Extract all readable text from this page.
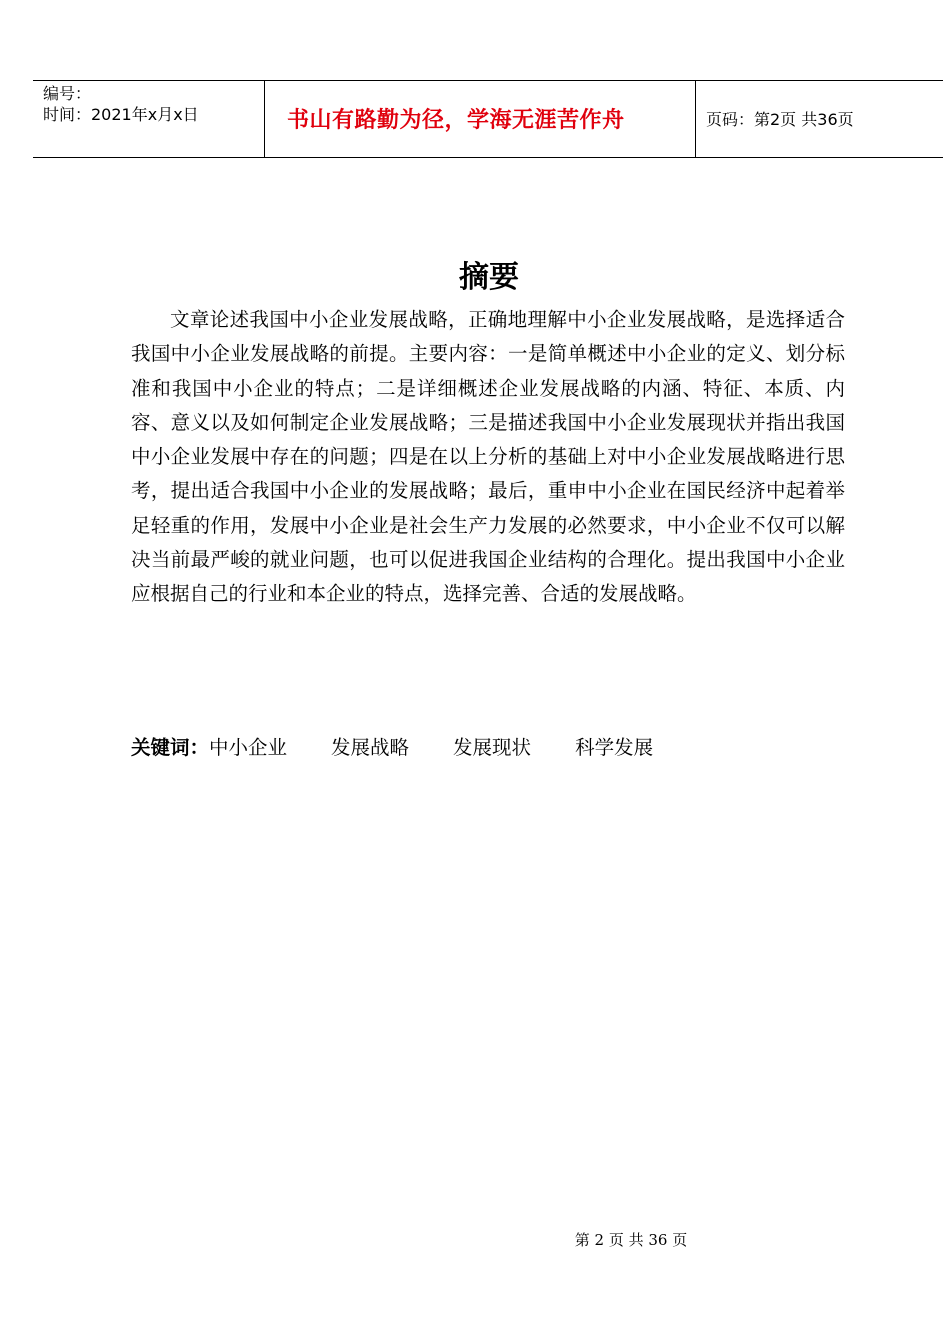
编号：
时间：2021年x月x日	书山有路勤为径，学海无涯苦作舟	页码：第2页 共36页
摘要

文章论述我国中小企业发展战略，正确地理解中小企业发展战略，是选择适合我国中小企业发展战略的前提。主要内容：一是简单概述中小企业的定义、划分标准和我国中小企业的特点；二是详细概述企业发展战略的内涵、特征、本质、内容、意义以及如何制定企业发展战略；三是描述我国中小企业发展现状并指出我国中小企业发展中存在的问题；四是在以上分析的基础上对中小企业发展战略进行思考，提出适合我国中小企业的发展战略；最后，重申中小企业在国民经济中起着举足轻重的作用，发展中小企业是社会生产力发展的必然要求，中小企业不仅可以解决当前最严峻的就业问题，也可以促进我国企业结构的合理化。提出我国中小企业应根据自己的行业和本企业的特点，选择完善、合适的发展战略。

关键词：中小企业 发展战略 发展现状 科学发展
第 2 页 共 36 页
